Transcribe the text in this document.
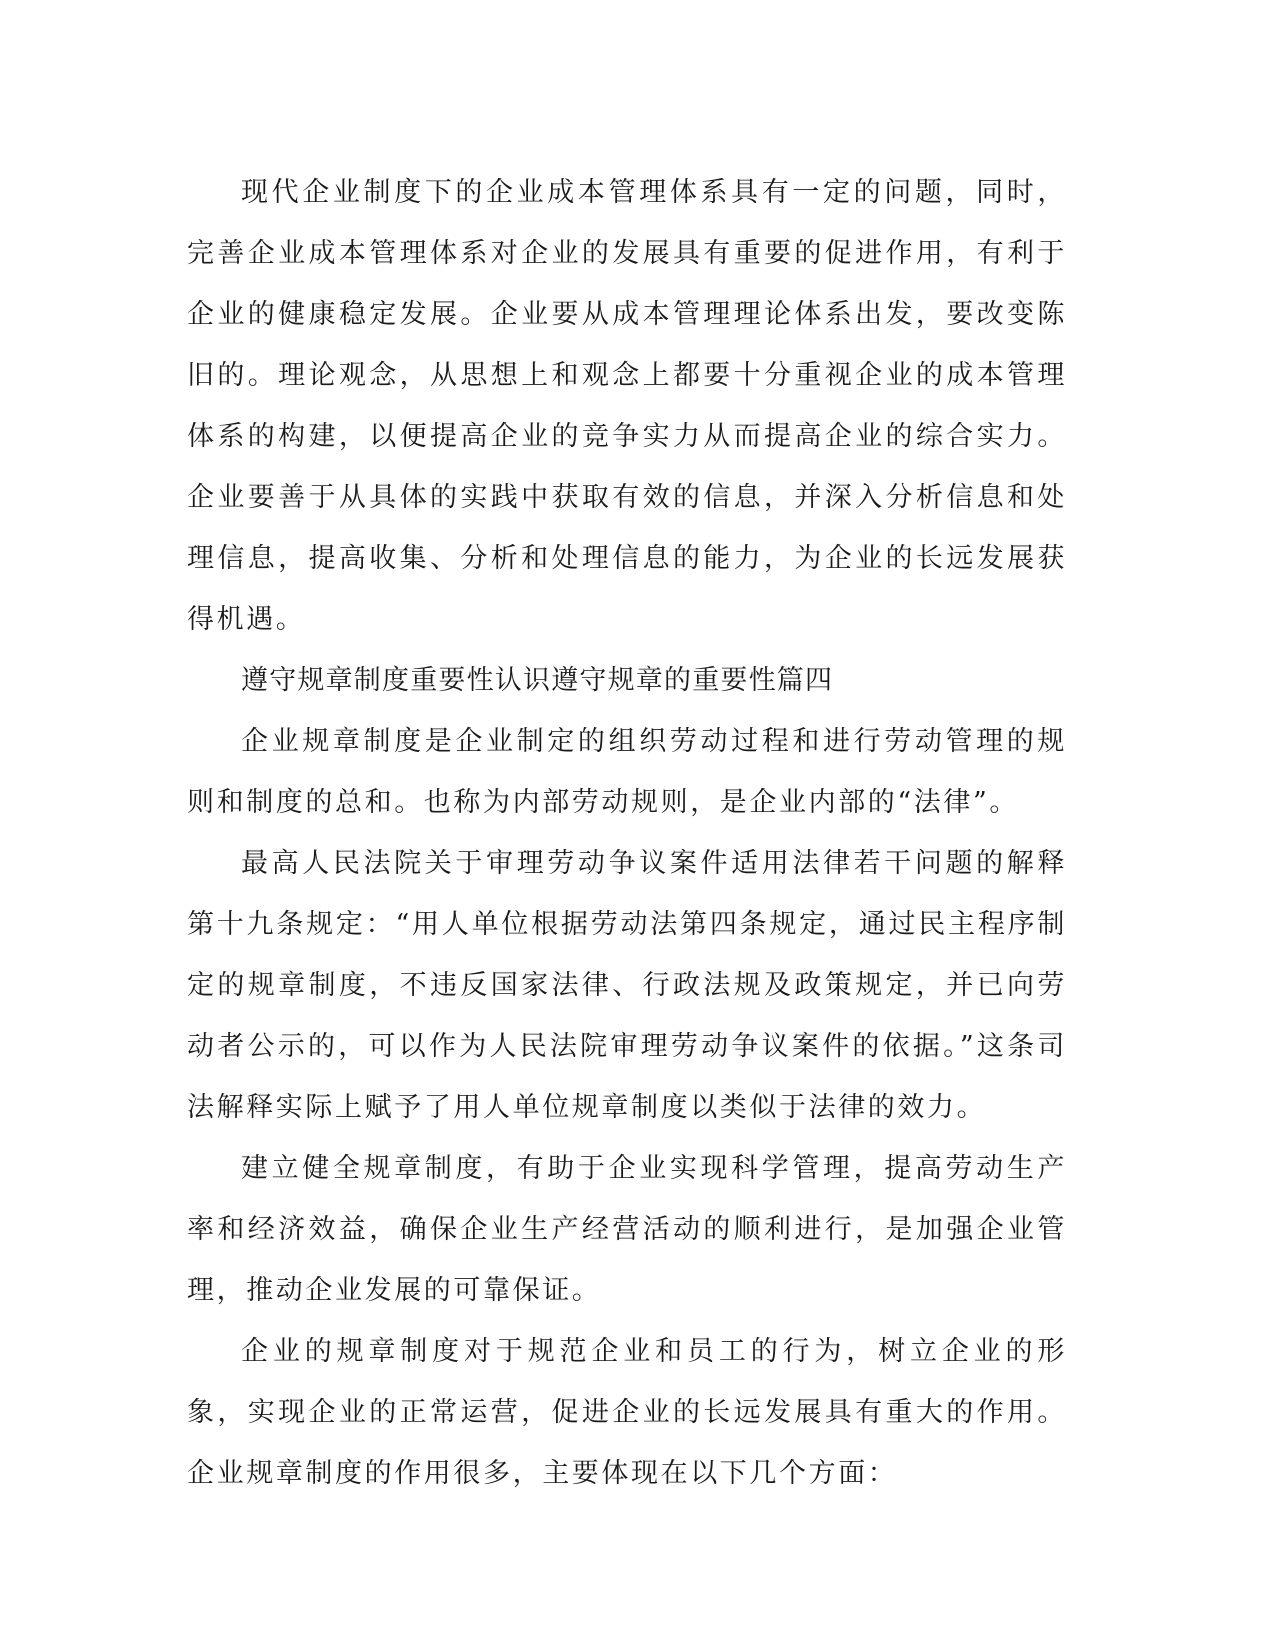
现代企业制度下的企业成本管理体系具有一定的问题，同时，完善企业成本管理体系对企业的发展具有重要的促进作用，有利于企业的健康稳定发展。企业要从成本管理理论体系出发，要改变陈旧的。理论观念，从思想上和观念上都要十分重视企业的成本管理体系的构建，以便提高企业的竞争实力从而提高企业的综合实力。企业要善于从具体的实践中获取有效的信息，并深入分析信息和处理信息，提高收集、分析和处理信息的能力，为企业的长远发展获得机遇。

遵守规章制度重要性认识遵守规章的重要性篇四

企业规章制度是企业制定的组织劳动过程和进行劳动管理的规则和制度的总和。也称为内部劳动规则，是企业内部的“法律”。

最高人民法院关于审理劳动争议案件适用法律若干问题的解释第十九条规定：“用人单位根据劳动法第四条规定，通过民主程序制定的规章制度，不违反国家法律、行政法规及政策规定，并已向劳动者公示的，可以作为人民法院审理劳动争议案件的依据。”这条司法解释实际上赋予了用人单位规章制度以类似于法律的效力。

建立健全规章制度，有助于企业实现科学管理，提高劳动生产率和经济效益，确保企业生产经营活动的顺利进行，是加强企业管理，推动企业发展的可靠保证。

企业的规章制度对于规范企业和员工的行为，树立企业的形象，实现企业的正常运营，促进企业的长远发展具有重大的作用。企业规章制度的作用很多，主要体现在以下几个方面：
